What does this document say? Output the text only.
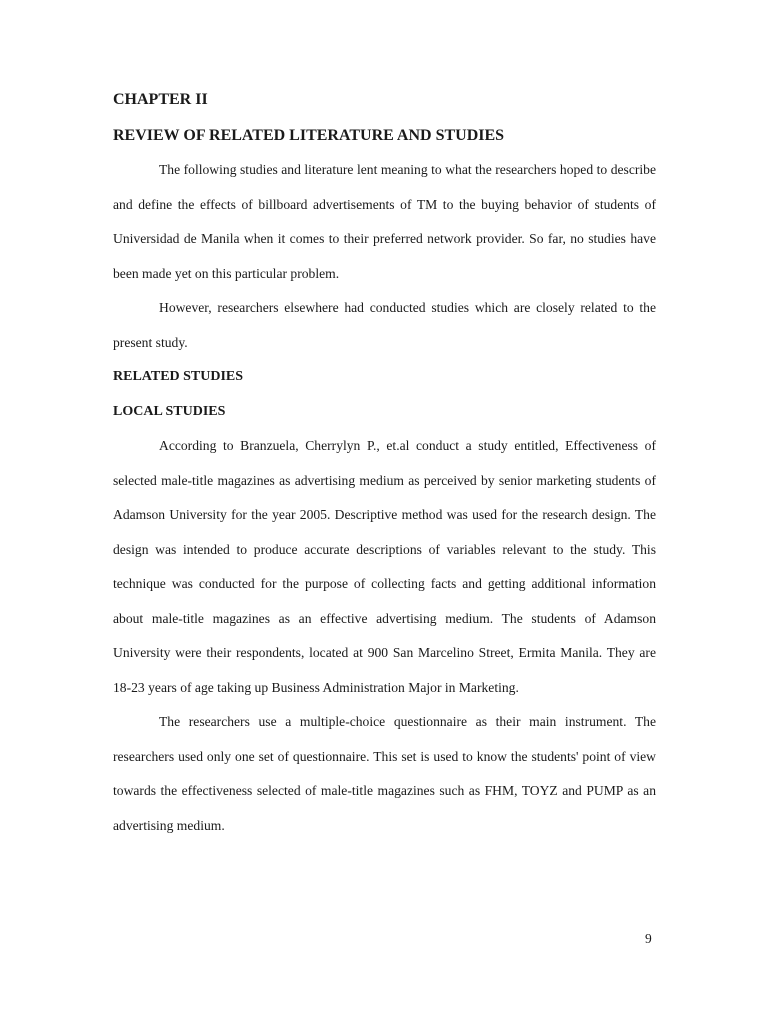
CHAPTER II
REVIEW OF RELATED LITERATURE AND STUDIES

The following studies and literature lent meaning to what the researchers hoped to describe and define the effects of billboard advertisements of TM to the buying behavior of students of Universidad de Manila when it comes to their preferred network provider. So far, no studies have been made yet on this particular problem.

However, researchers elsewhere had conducted studies which are closely related to the present study.

RELATED STUDIES
LOCAL STUDIES

According to Branzuela, Cherrylyn P., et.al conduct a study entitled, Effectiveness of selected male-title magazines as advertising medium as perceived by senior marketing students of Adamson University for the year 2005. Descriptive method was used for the research design. The design was intended to produce accurate descriptions of variables relevant to the study. This technique was conducted for the purpose of collecting facts and getting additional information about male-title magazines as an effective advertising medium. The students of Adamson University were their respondents, located at 900 San Marcelino Street, Ermita Manila. They are 18-23 years of age taking up Business Administration Major in Marketing.

The researchers use a multiple-choice questionnaire as their main instrument. The researchers used only one set of questionnaire. This set is used to know the students' point of view towards the effectiveness selected of male-title magazines such as FHM, TOYZ and PUMP as an advertising medium.

9
